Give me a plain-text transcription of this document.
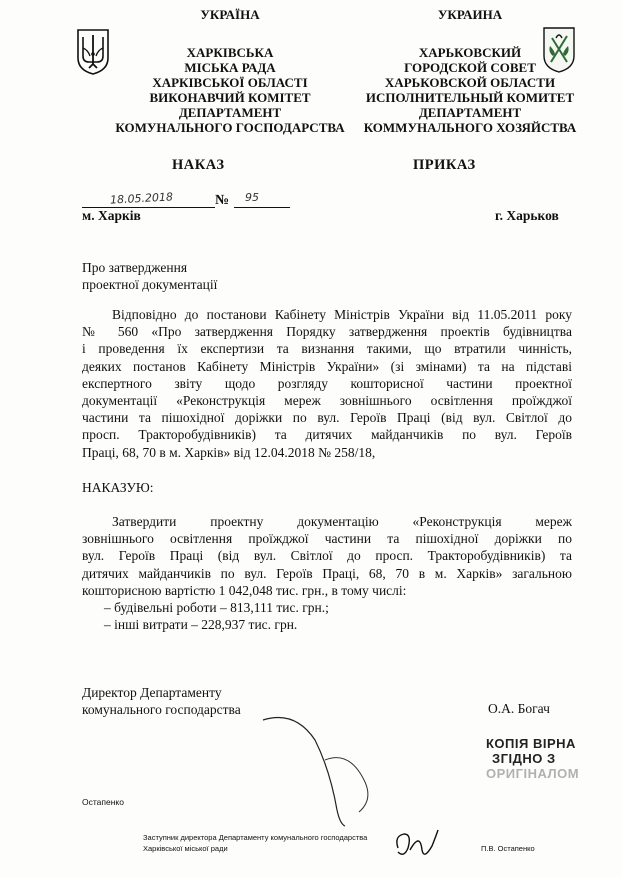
УКРАЇНА
ХАРКІВСЬКА
МІСЬКА РАДА
ХАРКІВСЬКОЇ ОБЛАСТІ
ВИКОНАВЧИЙ КОМІТЕТ
ДЕПАРТАМЕНТ
КОМУНАЛЬНОГО ГОСПОДАРСТВА
УКРАИНА
ХАРЬКОВСКИЙ
ГОРОДСКОЙ СОВЕТ
ХАРЬКОВСКОЙ ОБЛАСТИ
ИСПОЛНИТЕЛЬНЫЙ КОМИТЕТ
ДЕПАРТАМЕНТ
КОММУНАЛЬНОГО ХОЗЯЙСТВА
НАКАЗ	ПРИКАЗ
18.05.2018	№ 95
м. Харків	г. Харьков
Про затвердження
проектної документації
Відповідно до постанови Кабінету Міністрів України від 11.05.2011 року
№ 560 «Про затвердження Порядку затвердження проектів будівництва
і проведення їх експертизи та визнання такими, що втратили чинність,
деяких постанов Кабінету Міністрів України» (зі змінами) та на підставі
експертного звіту щодо розгляду кошторисної частини проектної
документації «Реконструкція мереж зовнішнього освітлення проїжджої
частини та пішохідної доріжки по вул. Героїв Праці (від вул. Світлої до
просп. Тракторобудівників) та дитячих майданчиків по вул. Героїв
Праці, 68, 70 в м. Харків» від 12.04.2018 № 258/18,
НАКАЗУЮ:
Затвердити проектну документацію «Реконструкція мереж
зовнішнього освітлення проїжджої частини та пішохідної доріжки по
вул. Героїв Праці (від вул. Світлої до просп. Тракторобудівників) та
дитячих майданчиків по вул. Героїв Праці, 68, 70 в м. Харків» загальною
кошторисною вартістю 1 042,048 тис. грн., в тому числі:
– будівельні роботи – 813,111 тис. грн.;
– інші витрати – 228,937 тис. грн.
Директор Департаменту
комунального господарства	О.А. Богач
КОПІЯ ВІРНА
ЗГІДНО З
ОРИГІНАЛОМ
Остапенко
Заступник директора Департаменту комунального господарства
Харківської міської ради	П.В. Остапенко
